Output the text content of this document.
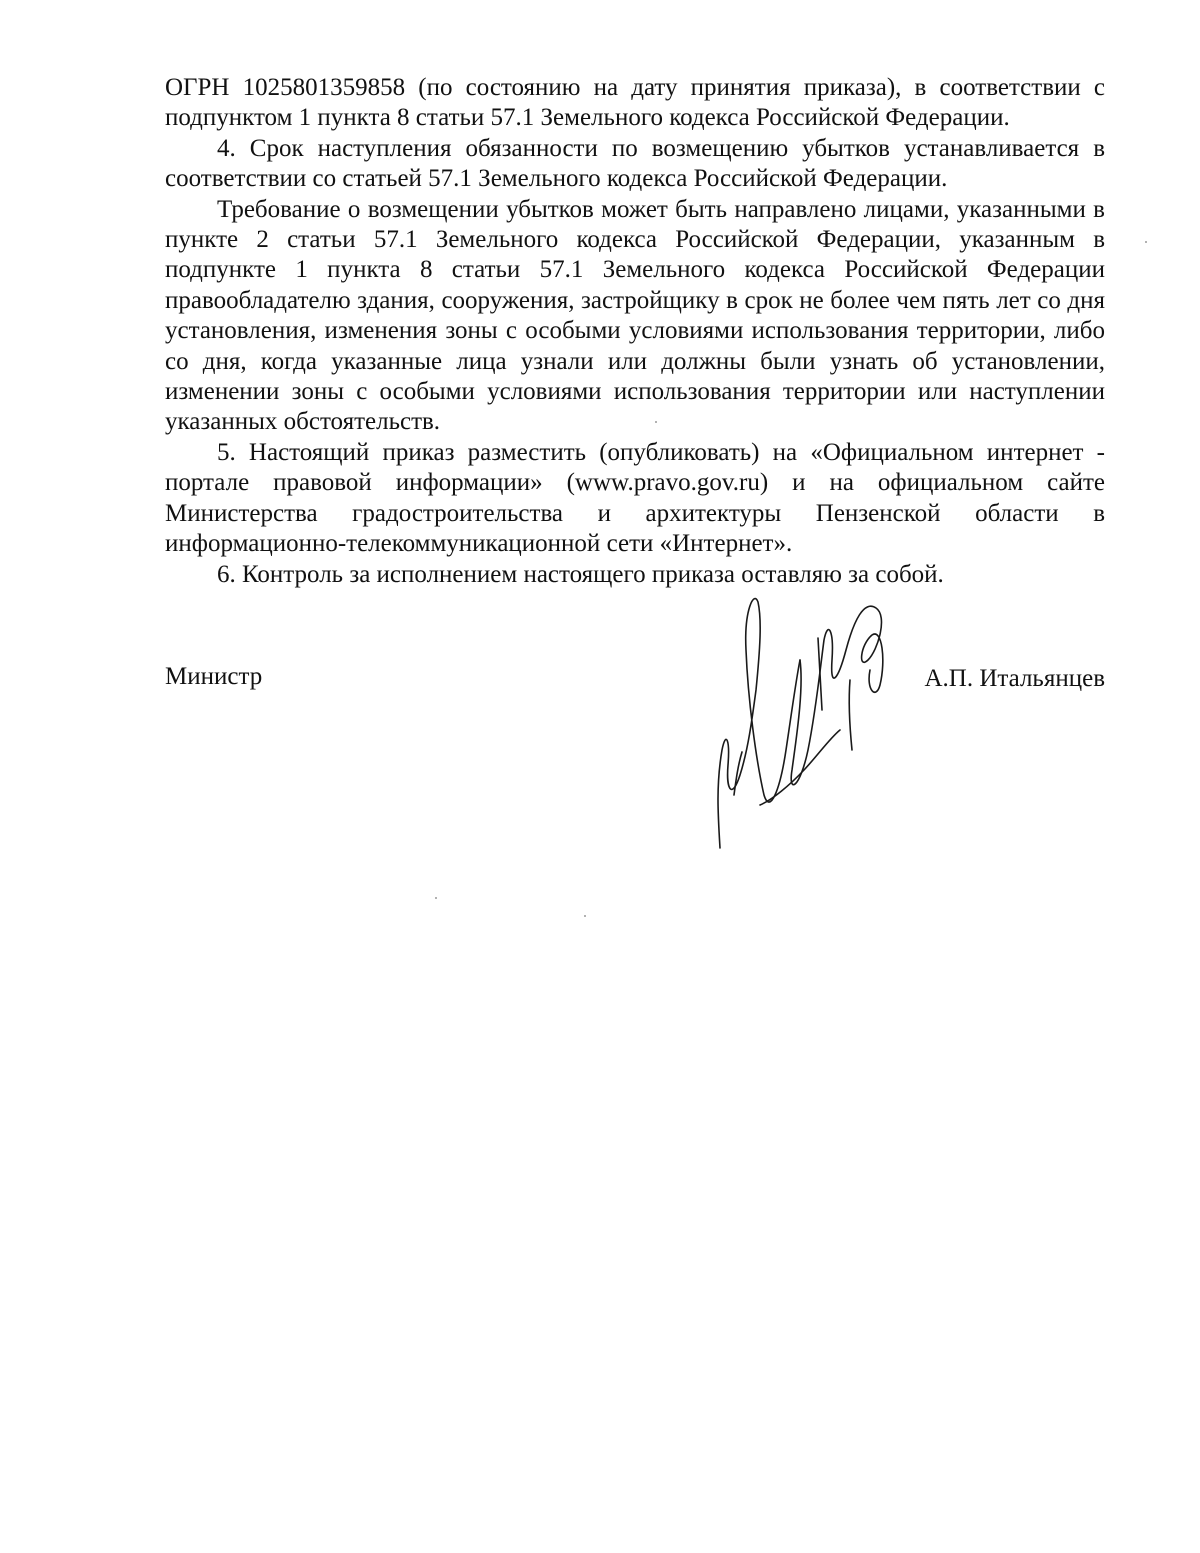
ОГРН 1025801359858 (по состоянию на дату принятия приказа), в соответствии с подпунктом 1 пункта 8 статьи 57.1 Земельного кодекса Российской Федерации.

4. Срок наступления обязанности по возмещению убытков устанавливается в соответствии со статьей 57.1 Земельного кодекса Российской Федерации.

Требование о возмещении убытков может быть направлено лицами, указанными в пункте 2 статьи 57.1 Земельного кодекса Российской Федерации, указанным в подпункте 1 пункта 8 статьи 57.1 Земельного кодекса Российской Федерации правообладателю здания, сооружения, застройщику в срок не более чем пять лет со дня установления, изменения зоны с особыми условиями использования территории, либо со дня, когда указанные лица узнали или должны были узнать об установлении, изменении зоны с особыми условиями использования территории или наступлении указанных обстоятельств.

5. Настоящий приказ разместить (опубликовать) на «Официальном интернет - портале правовой информации» (www.pravo.gov.ru) и на официальном сайте Министерства градостроительства и архитектуры Пензенской области в информационно-телекоммуникационной сети «Интернет».

6. Контроль за исполнением настоящего приказа оставляю за собой.

Министр	А.П. Итальянцев
